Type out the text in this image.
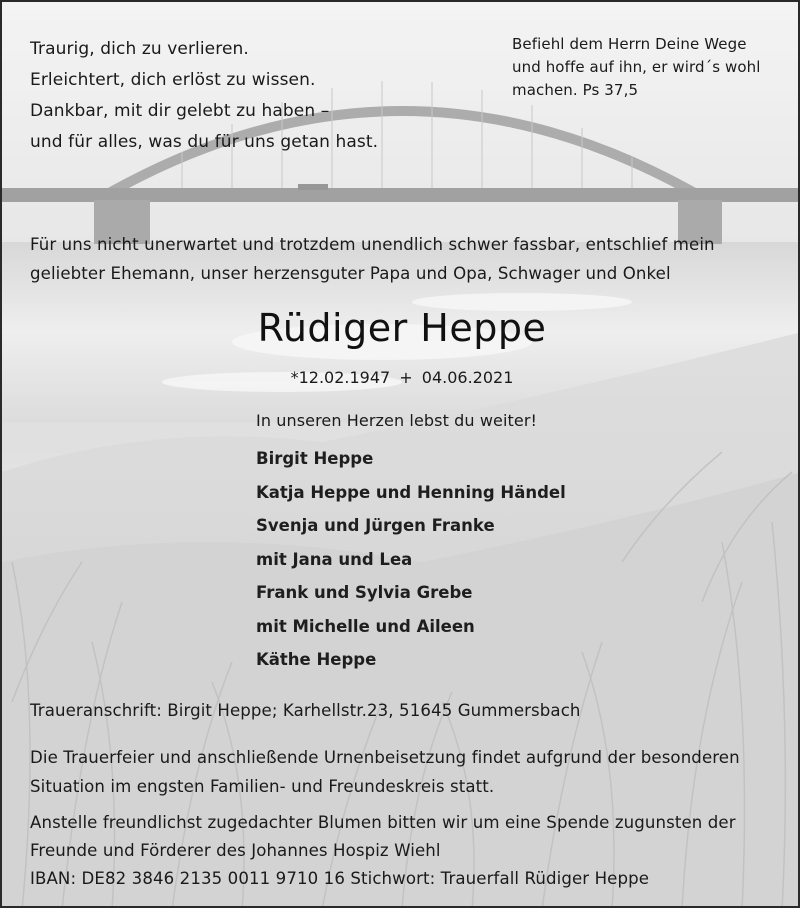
Traurig, dich zu verlieren.
Erleichtert, dich erlöst zu wissen.
Dankbar, mit dir gelebt zu haben –
und für alles, was du für uns getan hast.
Befiehl dem Herrn Deine Wege
und hoffe auf ihn, er wird´s wohl
machen. Ps 37,5
Für uns nicht unerwartet und trotzdem unendlich schwer fassbar, entschlief mein
geliebter Ehemann, unser herzensguter Papa und Opa, Schwager und Onkel
Rüdiger Heppe
*12.02.1947 + 04.06.2021
In unseren Herzen lebst du weiter!
Birgit Heppe
Katja Heppe und Henning Händel
Svenja und Jürgen Franke
mit Jana und Lea
Frank und Sylvia Grebe
mit Michelle und Aileen
Käthe Heppe
Traueranschrift: Birgit Heppe; Karhellstr.23, 51645 Gummersbach
Die Trauerfeier und anschließende Urnenbeisetzung findet aufgrund der besonderen
Situation im engsten Familien- und Freundeskreis statt.
Anstelle freundlichst zugedachter Blumen bitten wir um eine Spende zugunsten der
Freunde und Förderer des Johannes Hospiz Wiehl
IBAN: DE82 3846 2135 0011 9710 16 Stichwort: Trauerfall Rüdiger Heppe
